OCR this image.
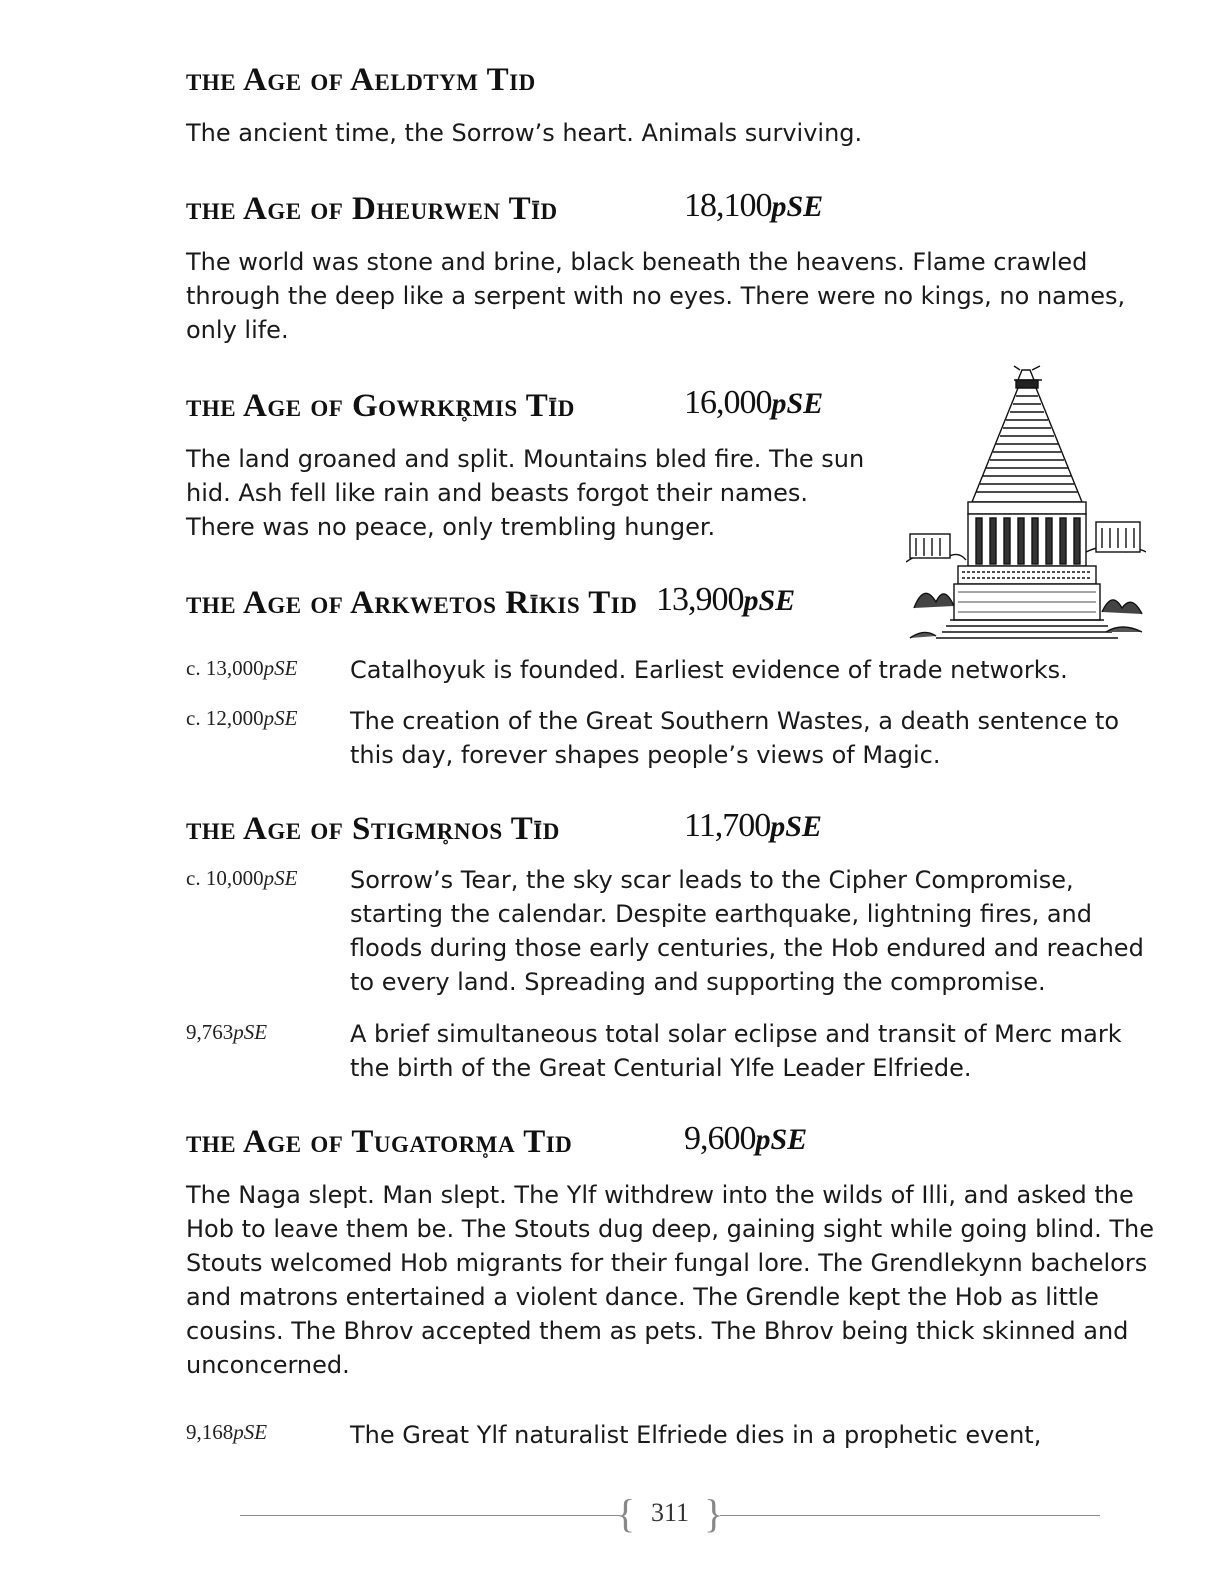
the Age of Aeldtym Tid
The ancient time, the Sorrow’s heart. Animals surviving.
the Age of Dheurwen Tīd	18,100pSE
The world was stone and brine, black beneath the heavens. Flame crawled through the deep like a serpent with no eyes. There were no kings, no names, only life.
the Age of Gowrkr̥mis Tīd	16,000pSE
The land groaned and split. Mountains bled fire. The sun
hid. Ash fell like rain and beasts forgot their names.
There was no peace, only trembling hunger.
the Age of Arkwetos Rīkis Tid 13,900pSE
c. 13,000pSE Catalhoyuk is founded. Earliest evidence of trade networks.
c. 12,000pSE The creation of the Great Southern Wastes, a death sentence to this day, forever shapes people’s views of Magic.
the Age of Stigmr̥nos Tīd	11,700pSE
c. 10,000pSE Sorrow’s Tear, the sky scar leads to the Cipher Compromise, starting the calendar. Despite earthquake, lightning fires, and floods during those early centuries, the Hob endured and reached to every land. Spreading and supporting the compromise.
9,763pSE	A brief simultaneous total solar eclipse and transit of Merc mark the birth of the Great Centurial Ylfe Leader Elfriede.
the Age of Tugatorm̥a Tid	9,600pSE
The Naga slept. Man slept. The Ylf withdrew into the wilds of Illi, and asked the Hob to leave them be. The Stouts dug deep, gaining sight while going blind. The Stouts welcomed Hob migrants for their fungal lore. The Grendlekynn bachelors and matrons entertained a violent dance. The Grendle kept the Hob as little cousins. The Bhrov accepted them as pets. The Bhrov being thick skinned and unconcerned.
9,168pSE	The Great Ylf naturalist Elfriede dies in a prophetic event,
{ }
311
